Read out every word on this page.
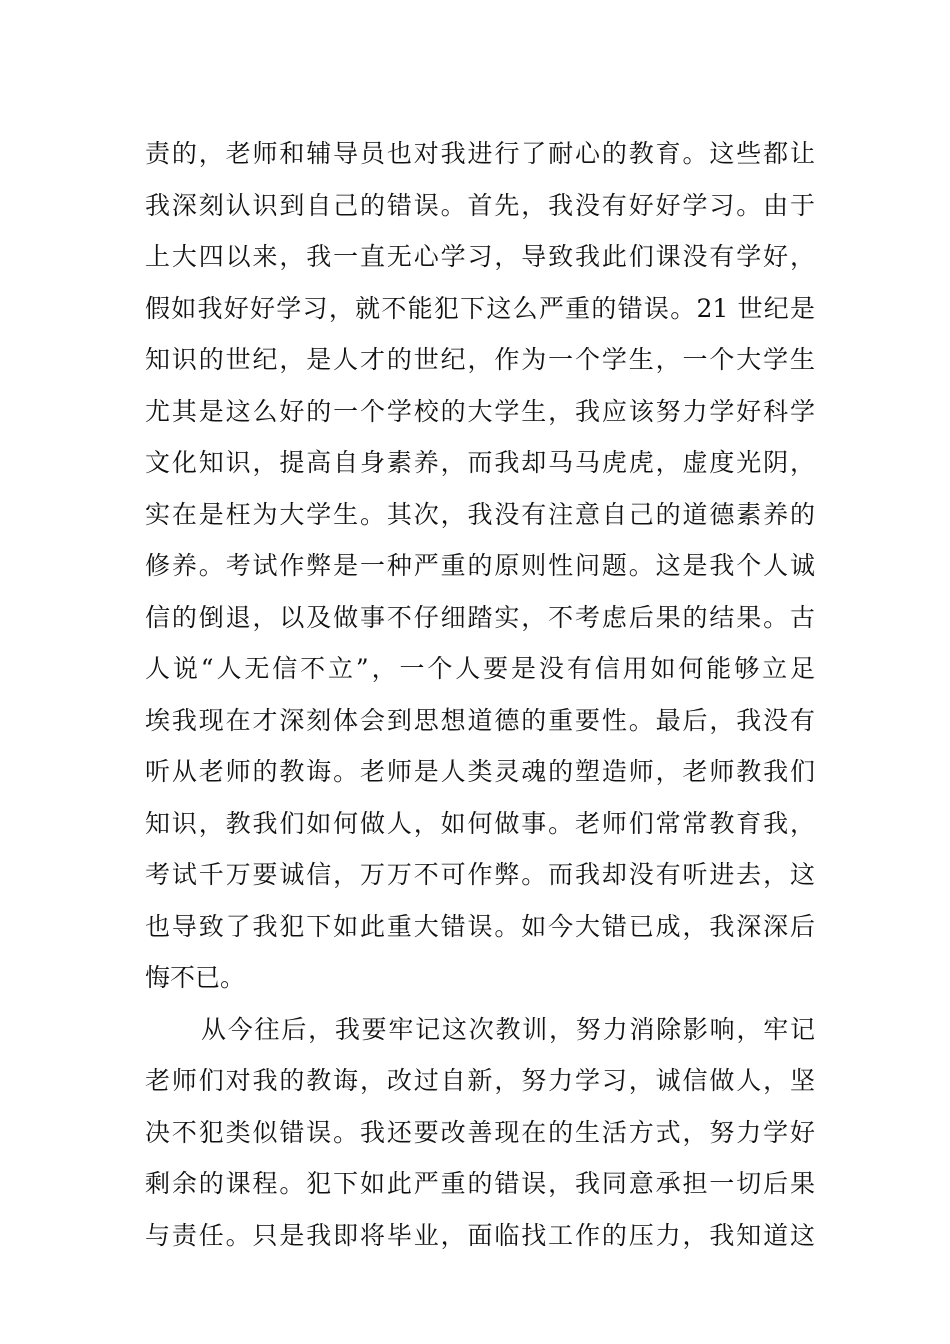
责的，老师和辅导员也对我进行了耐心的教育。这些都让
我深刻认识到自己的错误。首先，我没有好好学习。由于
上大四以来，我一直无心学习，导致我此们课没有学好，
假如我好好学习，就不能犯下这么严重的错误。21 世纪是
知识的世纪，是人才的世纪，作为一个学生，一个大学生
尤其是这么好的一个学校的大学生，我应该努力学好科学
文化知识，提高自身素养，而我却马马虎虎，虚度光阴，
实在是枉为大学生。其次，我没有注意自己的道德素养的
修养。考试作弊是一种严重的原则性问题。这是我个人诚
信的倒退，以及做事不仔细踏实，不考虑后果的结果。古
人说“人无信不立”，一个人要是没有信用如何能够立足
埃我现在才深刻体会到思想道德的重要性。最后，我没有
听从老师的教诲。老师是人类灵魂的塑造师，老师教我们
知识，教我们如何做人，如何做事。老师们常常教育我，
考试千万要诚信，万万不可作弊。而我却没有听进去，这
也导致了我犯下如此重大错误。如今大错已成，我深深后
悔不已。
从今往后，我要牢记这次教训，努力消除影响，牢记
老师们对我的教诲，改过自新，努力学习，诚信做人，坚
决不犯类似错误。我还要改善现在的生活方式，努力学好
剩余的课程。犯下如此严重的错误，我同意承担一切后果
与责任。只是我即将毕业，面临找工作的压力，我知道这
